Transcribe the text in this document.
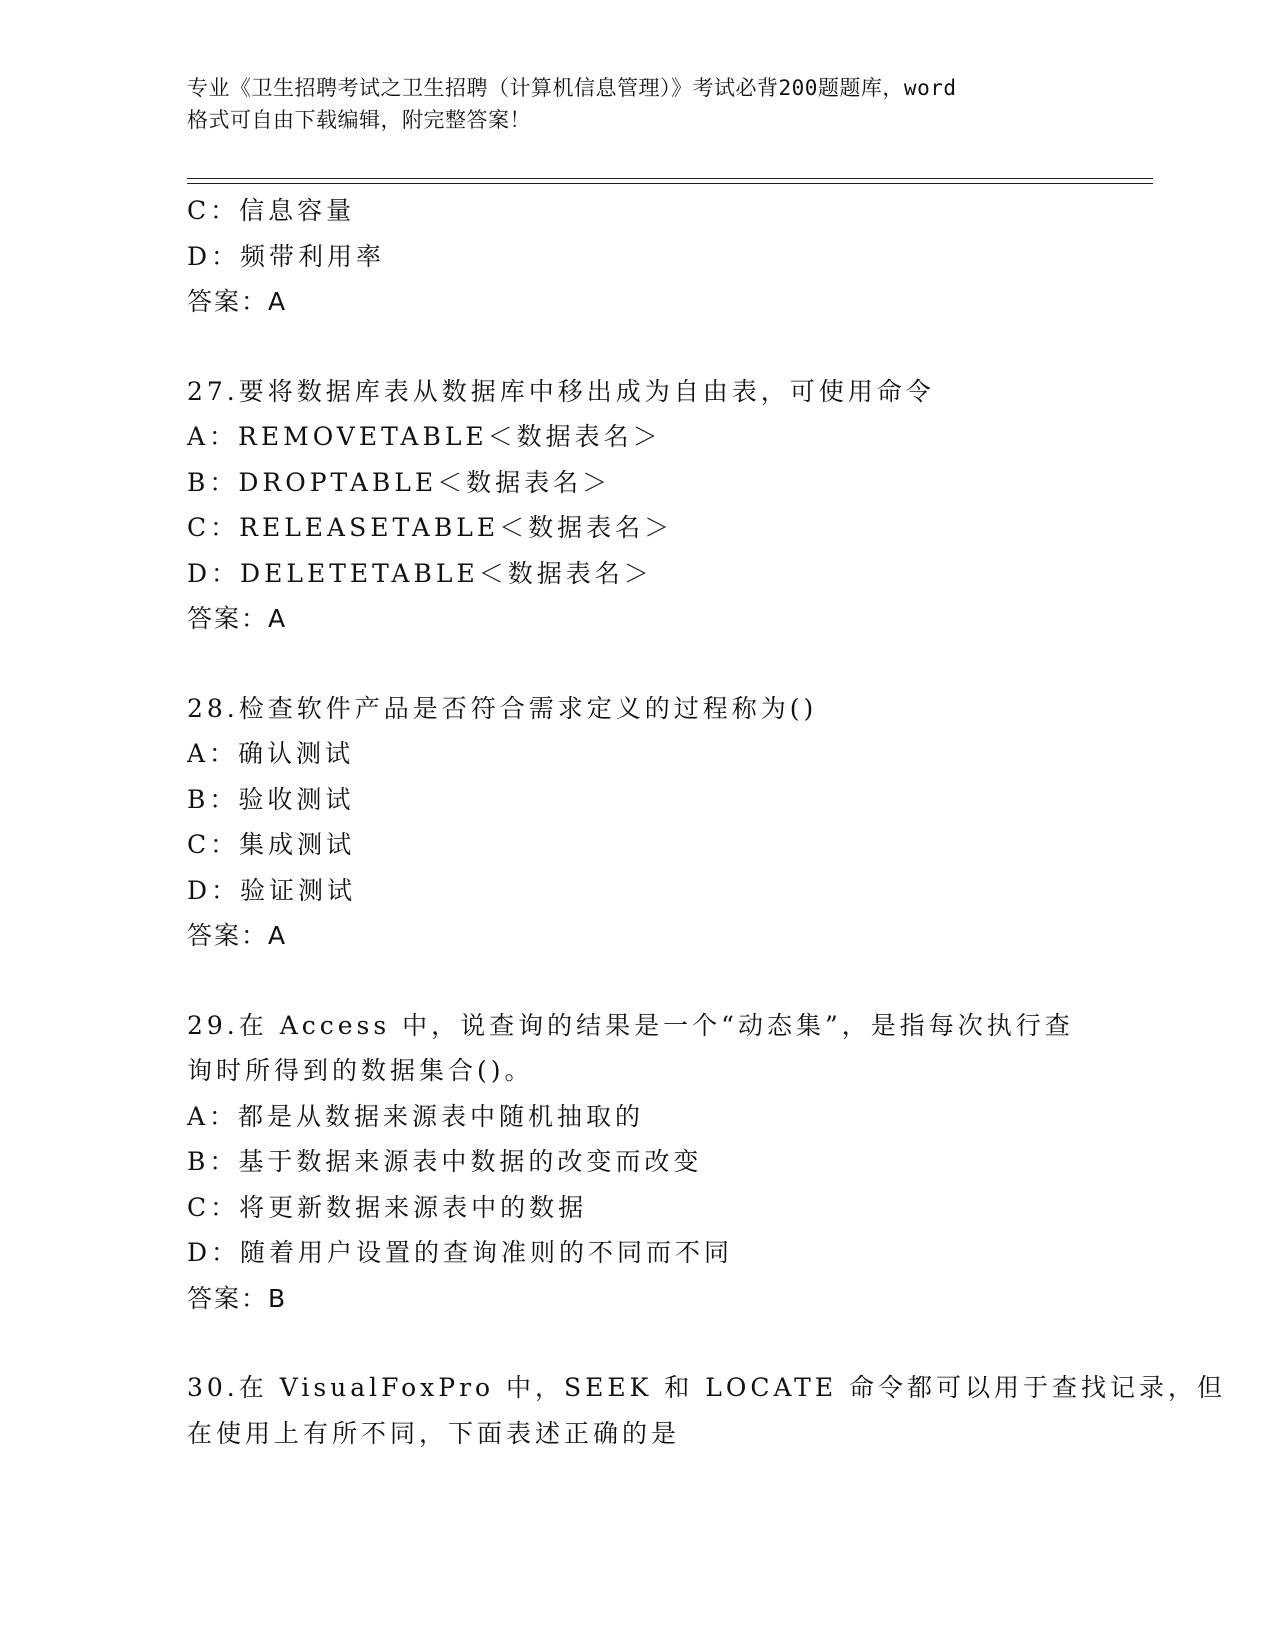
专业《卫生招聘考试之卫生招聘（计算机信息管理）》考试必背200题题库，word
格式可自由下载编辑，附完整答案！
C：信息容量
D：频带利用率
答案：A
27.要将数据库表从数据库中移出成为自由表，可使用命令
A：REMOVETABLE＜数据表名＞
B：DROPTABLE＜数据表名＞
C：RELEASETABLE＜数据表名＞
D：DELETETABLE＜数据表名＞
答案：A
28.检查软件产品是否符合需求定义的过程称为()
A：确认测试
B：验收测试
C：集成测试
D：验证测试
答案：A
29.在 Access 中，说查询的结果是一个“动态集”，是指每次执行查
询时所得到的数据集合()。
A：都是从数据来源表中随机抽取的
B：基于数据来源表中数据的改变而改变
C：将更新数据来源表中的数据
D：随着用户设置的查询准则的不同而不同
答案：B
30.在 VisualFoxPro 中，SEEK 和 LOCATE 命令都可以用于查找记录，但
在使用上有所不同，下面表述正确的是
